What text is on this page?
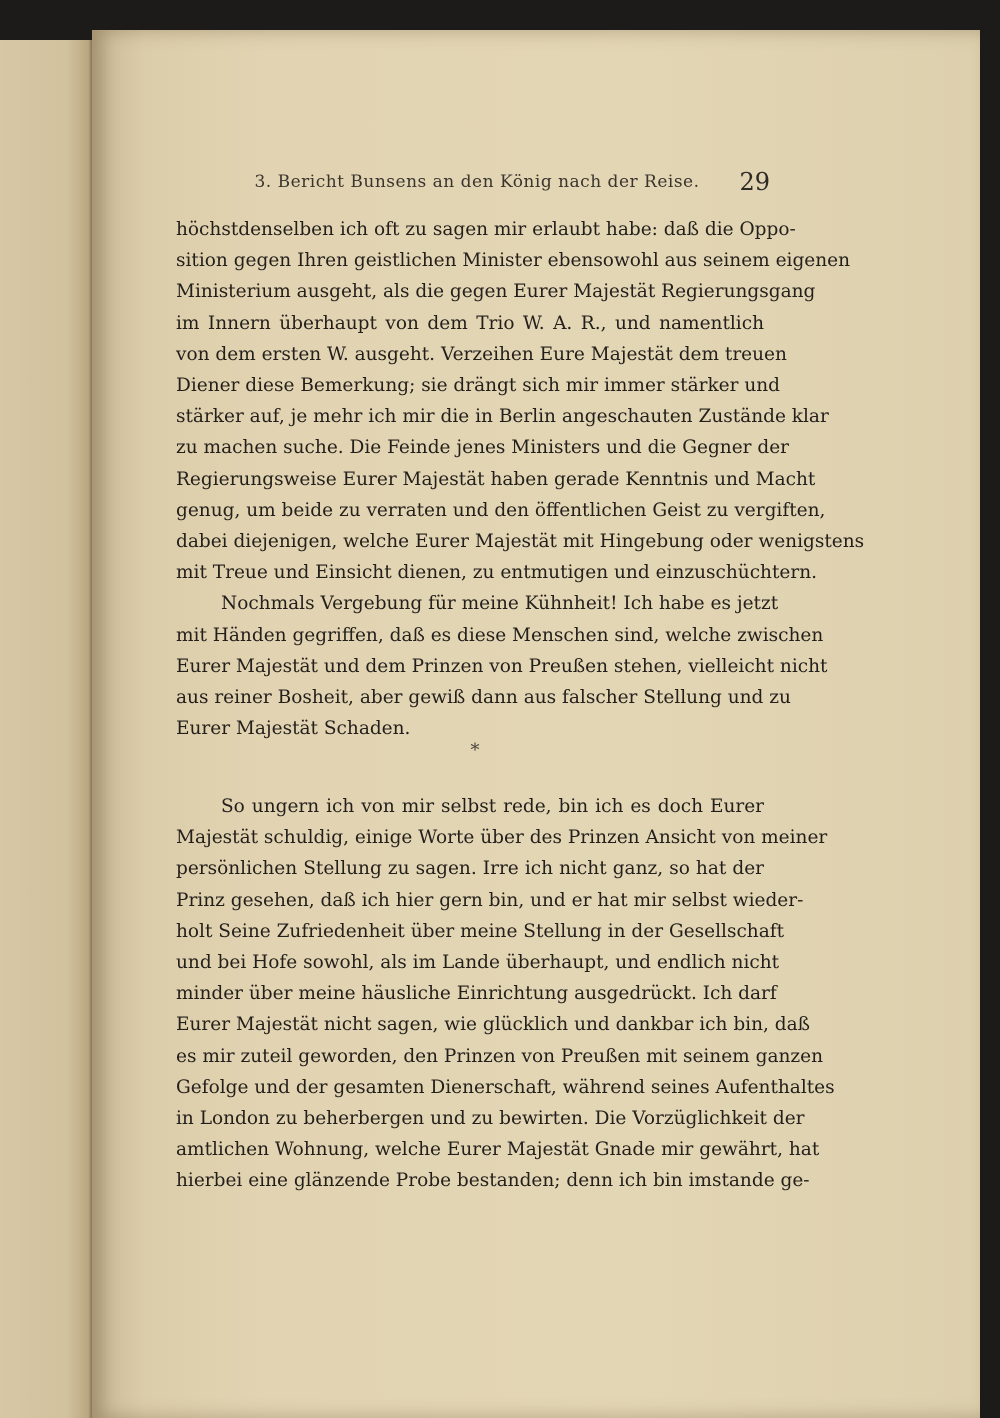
3. Bericht Bunsens an den König nach der Reise.	29

höchstdenselben ich oft zu sagen mir erlaubt habe: daß die Oppo-
sition gegen Ihren geistlichen Minister ebensowohl aus seinem eigenen
Ministerium ausgeht, als die gegen Eurer Majestät Regierungsgang
im Innern überhaupt von dem Trio W. A. R., und namentlich
von dem ersten W. ausgeht. Verzeihen Eure Majestät dem treuen
Diener diese Bemerkung; sie drängt sich mir immer stärker und
stärker auf, je mehr ich mir die in Berlin angeschauten Zustände klar
zu machen suche. Die Feinde jenes Ministers und die Gegner der
Regierungsweise Eurer Majestät haben gerade Kenntnis und Macht
genug, um beide zu verraten und den öffentlichen Geist zu vergiften,
dabei diejenigen, welche Eurer Majestät mit Hingebung oder wenigstens
mit Treue und Einsicht dienen, zu entmutigen und einzuschüchtern.

Nochmals Vergebung für meine Kühnheit! Ich habe es jetzt
mit Händen gegriffen, daß es diese Menschen sind, welche zwischen
Eurer Majestät und dem Prinzen von Preußen stehen, vielleicht nicht
aus reiner Bosheit, aber gewiß dann aus falscher Stellung und zu
Eurer Majestät Schaden.

*

So ungern ich von mir selbst rede, bin ich es doch Eurer
Majestät schuldig, einige Worte über des Prinzen Ansicht von meiner
persönlichen Stellung zu sagen. Irre ich nicht ganz, so hat der
Prinz gesehen, daß ich hier gern bin, und er hat mir selbst wieder-
holt Seine Zufriedenheit über meine Stellung in der Gesellschaft
und bei Hofe sowohl, als im Lande überhaupt, und endlich nicht
minder über meine häusliche Einrichtung ausgedrückt. Ich darf
Eurer Majestät nicht sagen, wie glücklich und dankbar ich bin, daß
es mir zuteil geworden, den Prinzen von Preußen mit seinem ganzen
Gefolge und der gesamten Dienerschaft, während seines Aufenthaltes
in London zu beherbergen und zu bewirten. Die Vorzüglichkeit der
amtlichen Wohnung, welche Eurer Majestät Gnade mir gewährt, hat
hierbei eine glänzende Probe bestanden; denn ich bin imstande ge-
